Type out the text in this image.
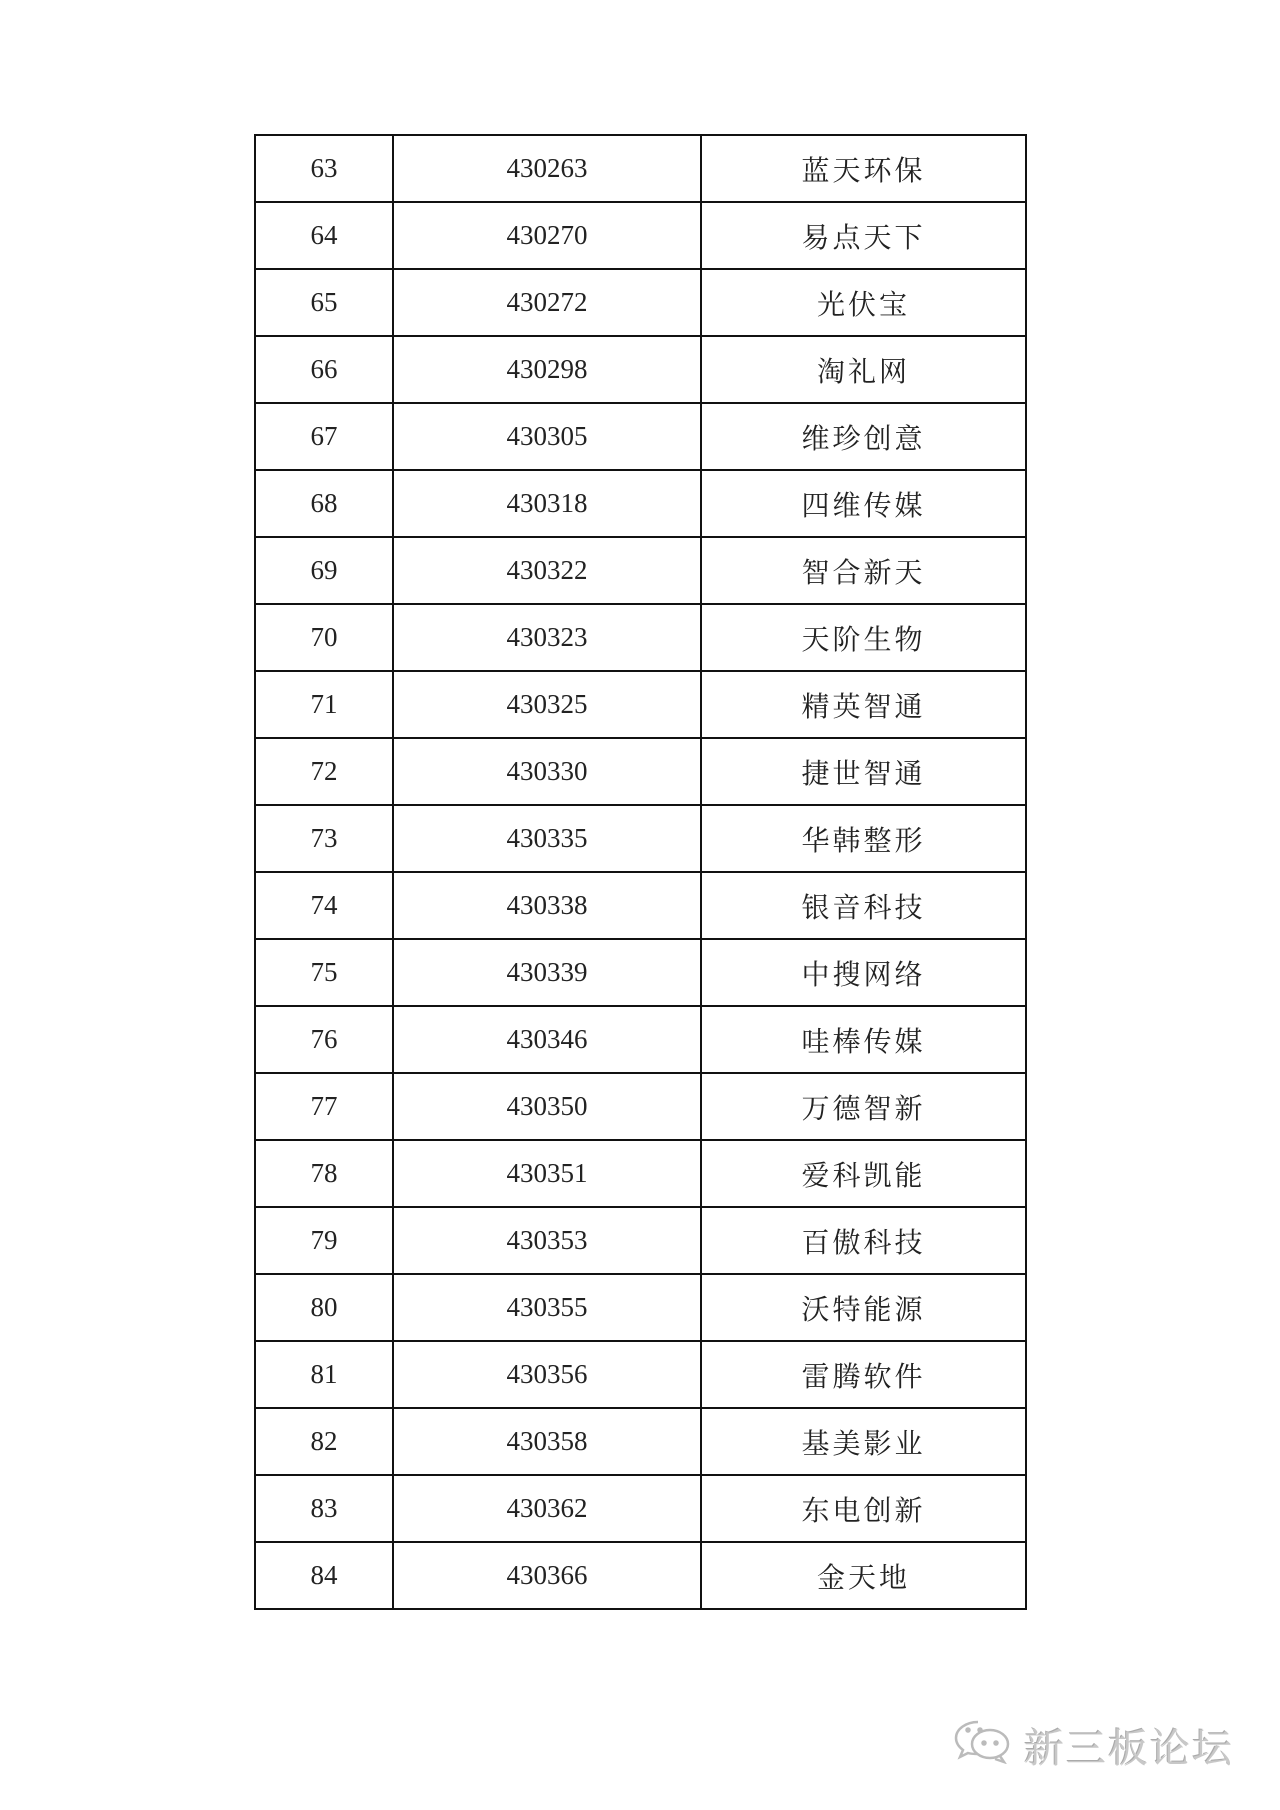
63	430263	蓝天环保
64	430270	易点天下
65	430272	光伏宝
66	430298	淘礼网
67	430305	维珍创意
68	430318	四维传媒
69	430322	智合新天
70	430323	天阶生物
71	430325	精英智通
72	430330	捷世智通
73	430335	华韩整形
74	430338	银音科技
75	430339	中搜网络
76	430346	哇棒传媒
77	430350	万德智新
78	430351	爱科凯能
79	430353	百傲科技
80	430355	沃特能源
81	430356	雷腾软件
82	430358	基美影业
83	430362	东电创新
84	430366	金天地
新三板论坛
